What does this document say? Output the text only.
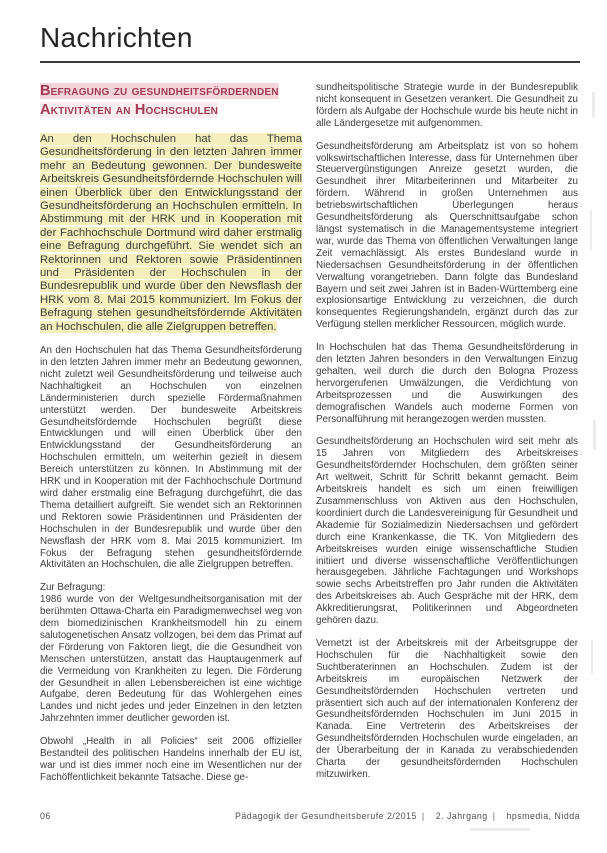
Nachrichten
Befragung zu gesundheitsfördernden
Aktivitäten an Hochschulen

An den Hochschulen hat das Thema Gesundheitsförderung in den letzten Jahren immer mehr an Bedeutung gewonnen. Der bundesweite Arbeitskreis Gesundheitsfördernde Hochschulen will einen Überblick über den Entwicklungsstand der Gesundheitsförderung an Hochschulen ermitteln. In Abstimmung mit der HRK und in Kooperation mit der Fachhochschule Dortmund wird daher erstmalig eine Befragung durchgeführt. Sie wendet sich an Rektorinnen und Rektoren sowie Präsidentinnen und Präsidenten der Hochschulen in der Bundesrepublik und wurde über den Newsflash der HRK vom 8. Mai 2015 kommuniziert. Im Fokus der Befragung stehen gesundheitsfördernde Aktivitäten an Hochschulen, die alle Zielgruppen betreffen.

An den Hochschulen hat das Thema Gesundheitsförderung in den letzten Jahren immer mehr an Bedeutung gewonnen, nicht zuletzt weil Gesundheitsförderung und teilweise auch Nachhaltigkeit an Hochschulen von einzelnen Länderministerien durch spezielle Fördermaßnahmen unterstützt werden. Der bundesweite Arbeitskreis Gesundheitsfördernde Hochschulen begrüßt diese Entwicklungen und will einen Überblick über den Entwicklungsstand der Gesundheitsförderung an Hochschulen ermitteln, um weiterhin gezielt in diesem Bereich unterstützen zu können. In Abstimmung mit der HRK und in Kooperation mit der Fachhochschule Dortmund wird daher erstmalig eine Befragung durchgeführt, die das Thema detailliert aufgreift. Sie wendet sich an Rektorinnen und Rektoren sowie Präsidentinnen und Präsidenten der Hochschulen in der Bundesrepublik und wurde über den Newsflash der HRK vom 8. Mai 2015 kommuniziert. Im Fokus der Befragung stehen gesundheitsfördernde Aktivitäten an Hochschulen, die alle Zielgruppen betreffen.

Zur Befragung:

1986 wurde von der Weltgesundheitsorganisation mit der berühmten Ottawa-Charta ein Paradigmenwechsel weg von dem biomedizinischen Krankheitsmodell hin zu einem salutogenetischen Ansatz vollzogen, bei dem das Primat auf der Förderung von Faktoren liegt, die die Gesundheit von Menschen unterstützen, anstatt das Hauptaugenmerk auf die Vermeidung von Krankheiten zu legen. Die Förderung der Gesundheit in allen Lebensbereichen ist eine wichtige Aufgabe, deren Bedeutung für das Wohlergehen eines Landes und nicht jedes und jeder Einzelnen in den letzten Jahrzehnten immer deutlicher geworden ist.

Obwohl „Health in all Policies“ seit 2006 offizieller Bestandteil des politischen Handelns innerhalb der EU ist, war und ist dies immer noch eine im Wesentlichen nur der Fachöffentlichkeit bekannte Tatsache. Diese ge-

sundheitspolitische Strategie wurde in der Bundesrepublik nicht konsequent in Gesetzen verankert. Die Gesundheit zu fördern als Aufgabe der Hochschule wurde bis heute nicht in alle Ländergesetze mit aufgenommen.

Gesundheitsförderung am Arbeitsplatz ist von so hohem volkswirtschaftlichen Interesse, dass für Unternehmen über Steuervergünstigungen Anreize gesetzt wurden, die Gesundheit ihrer Mitarbeiterinnen und Mitarbeiter zu fördern. Während in großen Unternehmen aus betriebswirtschaftlichen Überlegungen heraus Gesundheitsförderung als Querschnittsaufgabe schon längst systematisch in die Managementsysteme integriert war, wurde das Thema von öffentlichen Verwaltungen lange Zeit vernachlässigt. Als erstes Bundesland wurde in Niedersachsen Gesundheitsförderung in der öffentlichen Verwaltung vorangetrieben. Dann folgte das Bundesland Bayern und seit zwei Jahren ist in Baden-Württemberg eine explosionsartige Entwicklung zu verzeichnen, die durch konsequentes Regierungshandeln, ergänzt durch das zur Verfügung stellen merklicher Ressourcen, möglich wurde.

In Hochschulen hat das Thema Gesundheitsförderung in den letzten Jahren besonders in den Verwaltungen Einzug gehalten, weil durch die durch den Bologna Prozess hervorgerufenen Umwälzungen, die Verdichtung von Arbeitsprozessen und die Auswirkungen des demografischen Wandels auch moderne Formen von Personalführung mit herangezogen werden mussten.

Gesundheitsförderung an Hochschulen wird seit mehr als 15 Jahren von Mitgliedern des Arbeitskreises Gesundheitsfördernder Hochschulen, dem größten seiner Art weltweit, Schritt für Schritt bekannt gemacht. Beim Arbeitskreis handelt es sich um einen freiwilligen Zusammenschluss von Aktiven aus den Hochschulen, koordiniert durch die Landesvereinigung für Gesundheit und Akademie für Sozialmedizin Niedersachsen und gefördert durch eine Krankenkasse, die TK. Von Mitgliedern des Arbeitskreises wurden einige wissenschaftliche Studien initiiert und diverse wissenschaftliche Veröffentlichungen herausgegeben. Jährliche Fachtagungen und Workshops sowie sechs Arbeitstreffen pro Jahr runden die Aktivitäten des Arbeitskreises ab. Auch Gespräche mit der HRK, dem Akkreditierungsrat, Politikerinnen und Abgeordneten gehören dazu.

Vernetzt ist der Arbeitskreis mit der Arbeitsgruppe der Hochschulen für die Nachhaltigkeit sowie den Suchtberaterinnen an Hochschulen. Zudem ist der Arbeitskreis im europäischen Netzwerk der Gesundheitsfördernden Hochschulen vertreten und präsentiert sich auch auf der internationalen Konferenz der Gesundheitsfördernden Hochschulen im Juni 2015 in Kanada. Eine Vertreterin des Arbeitskreises der Gesundheitsfördernden Hochschulen wurde eingeladen, an der Überarbeitung der in Kanada zu verabschiedenden Charta der gesundheitsfördernden Hochschulen mitzuwirken.

06	Pädagogik der Gesundheitsberufe 2/2015 | 2. Jahrgang | hpsmedia, Nidda
